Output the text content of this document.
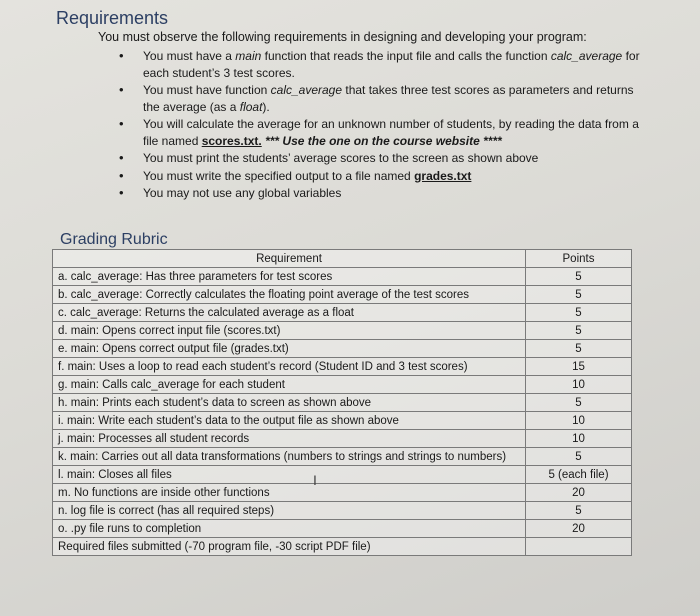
Requirements

You must observe the following requirements in designing and developing your program:

• You must have a main function that reads the input file and calls the function calc_average for each student’s 3 test scores.
• You must have function calc_average that takes three test scores as parameters and returns the average (as a float).
• You will calculate the average for an unknown number of students, by reading the data from a file named scores.txt. *** Use the one on the course website ****
• You must print the students’ average scores to the screen as shown above
• You must write the specified output to a file named grades.txt
• You may not use any global variables
Grading Rubric
Requirement	Points
a. calc_average: Has three parameters for test scores	5
b. calc_average: Correctly calculates the floating point average of the test scores	5
c. calc_average: Returns the calculated average as a float	5
d. main: Opens correct input file (scores.txt)	5
e. main: Opens correct output file (grades.txt)	5
f. main: Uses a loop to read each student’s record (Student ID and 3 test scores)	15
g. main: Calls calc_average for each student	10
h. main: Prints each student’s data to screen as shown above	5
i. main: Write each student’s data to the output file as shown above	10
j. main: Processes all student records	10
k. main: Carries out all data transformations (numbers to strings and strings to numbers)	5
l. main: Closes all files	5 (each file)
m. No functions are inside other functions	20
n. log file is correct (has all required steps)	5
o. .py file runs to completion	20
Required files submitted (-70 program file, -30 script PDF file)	
I
